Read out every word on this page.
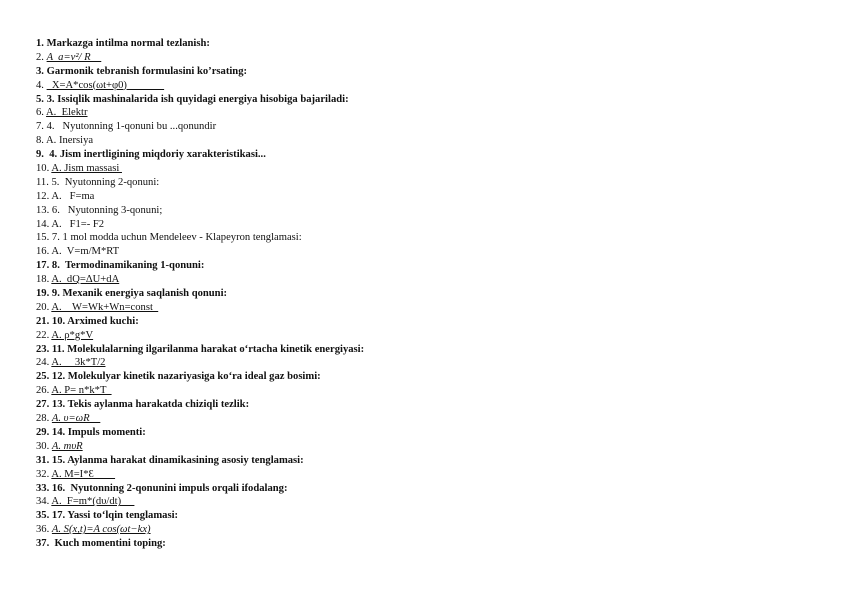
1. Markazga intilma normal tezlanish:
2. A  a=v²/ R__
3. Garmonik tebranish formulasini ko’rsating:
4.   X=A*cos(ωt+φ0)_______
5. 3. Issiqlik mashinalarida ish quyidagi energiya hisobiga bajariladi:
6. A.  Elektr
7. 4.   Nyutonning 1-qonuni bu ...qonundir
8. A. Inersiya
9.  4. Jism inertligining miqdoriy xarakteristikasi...
10. A. Jism massasi
11. 5.  Nyutonning 2-qonuni:
12. A.   F=ma
13. 6.   Nyutonning 3-qonuni;
14. A.   F1=- F2
15. 7. 1 mol modda uchun Mendeleev - Klapeyron tenglamasi:
16. A.  V=m/M*RT
17. 8.  Termodinamikaning 1-qonuni:
18. A.  dQ=ΔU+dA
19. 9. Mexanik energiya saqlanish qonuni:
20. A.    W=Wk+Wn=const
21. 10. Arximed kuchi:
22. A. ρ*g*V
23. 11. Molekulalarning ilgarilanma harakat o‘rtacha kinetik energiyasi:
24. A.     3k*T/2
25. 12. Molekulyar kinetik nazariyasiga ko‘ra ideal gaz bosimi:
26. A. P= n*k*T
27. 13. Tekis aylanma harakatda chiziqli tezlik:
28. A. υ=ωR__
29. 14. Impuls momenti:
30. A. mυR
31. 15. Aylanma harakat dinamikasining asosiy tenglamasi:
32. A. M=I*Ɛ____
33. 16.  Nyutonning 2-qonunini impuls orqali ifodalang:
34. A.  F=m*(dυ/dt) __
35. 17. Yassi to‘lqin tenglamasi:
36. A. S(x,t)=A cos(ωt−kx)
37.  Kuch momentini toping:
